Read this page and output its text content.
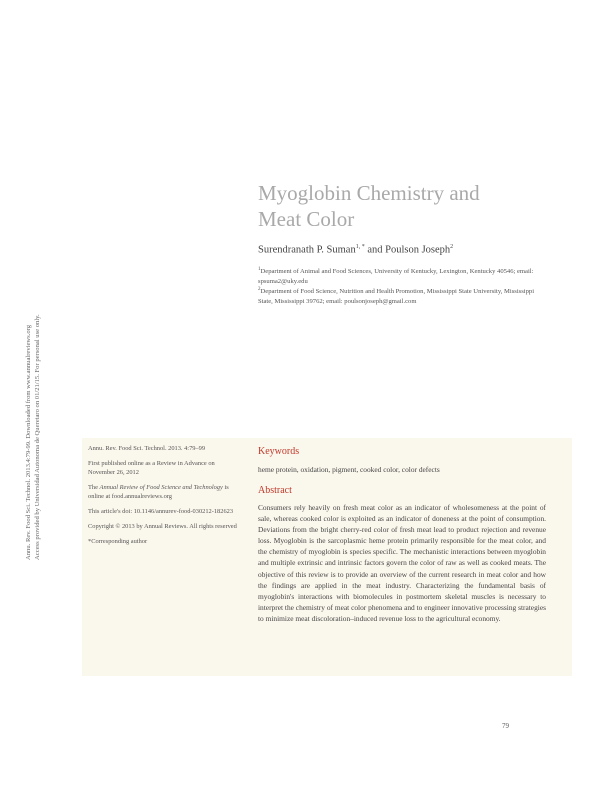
Annu. Rev. Food Sci. Technol. 2013.4:79-99. Downloaded from www.annualreviews.org Access provided by Universidad Autonoma de Queretaro on 01/21/15. For personal use only.
Myoglobin Chemistry and
Meat Color
Surendranath P. Suman$^{1, *}$ and Poulson Joseph$^2$
$^1$Department of Animal and Food Sciences, University of Kentucky, Lexington, Kentucky 40546; email: spsuma2@uky.edu
$^2$Department of Food Science, Nutrition and Health Promotion, Mississippi State University, Mississippi State, Mississippi 39762; email: poulsonjoseph@gmail.com

Annu. Rev. Food Sci. Technol. 2013. 4:79–99

First published online as a Review in Advance on November 26, 2012

The Annual Review of Food Science and Technology is online at food.annualreviews.org

This article's doi: 10.1146/annurev-food-030212-182623

Copyright © 2013 by Annual Reviews. All rights reserved

*Corresponding author

Keywords
heme protein, oxidation, pigment, cooked color, color defects
Abstract

Consumers rely heavily on fresh meat color as an indicator of wholesomeness at the point of sale, whereas cooked color is exploited as an indicator of doneness at the point of consumption. Deviations from the bright cherry-red color of fresh meat lead to product rejection and revenue loss. Myoglobin is the sarcoplasmic heme protein primarily responsible for the meat color, and the chemistry of myoglobin is species specific. The mechanistic interactions between myoglobin and multiple extrinsic and intrinsic factors govern the color of raw as well as cooked meats. The objective of this review is to provide an overview of the current research in meat color and how the findings are applied in the meat industry. Characterizing the fundamental basis of myoglobin's interactions with biomolecules in postmortem skeletal muscles is necessary to interpret the chemistry of meat color phenomena and to engineer innovative processing strategies to minimize meat discoloration–induced revenue loss to the agricultural economy.

79
